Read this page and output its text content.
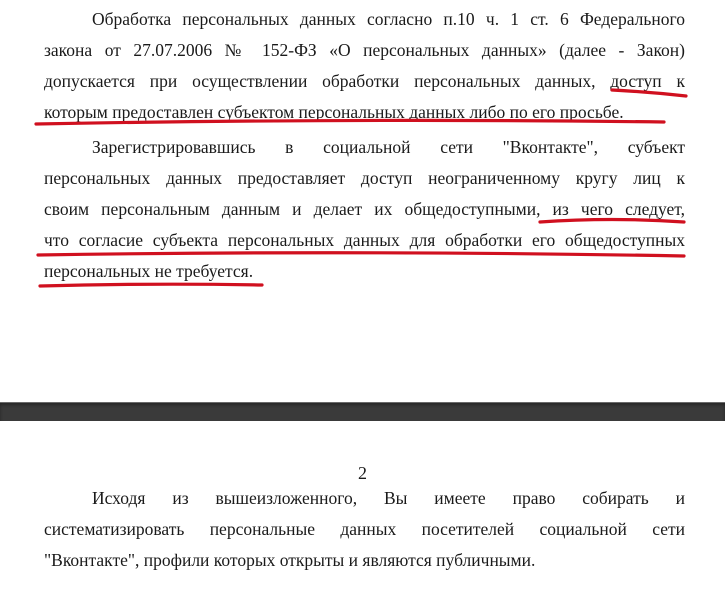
Обработка персональных данных согласно п.10 ч. 1 ст. 6 Федерального
закона от 27.07.2006 № 152-ФЗ «О персональных данных» (далее - Закон)
допускается при осуществлении обработки персональных данных, доступ к
которым предоставлен субъектом персональных данных либо по его просьбе.

Зарегистрировавшись в социальной сети "Вконтакте", субъект
персональных данных предоставляет доступ неограниченному кругу лиц к
своим персональным данным и делает их общедоступными, из чего следует,
что согласие субъекта персональных данных для обработки его общедоступных
персональных не требуется.

2

Исходя из вышеизложенного, Вы имеете право собирать и
систематизировать персональные данных посетителей социальной сети
"Вконтакте", профили которых открыты и являются публичными.
